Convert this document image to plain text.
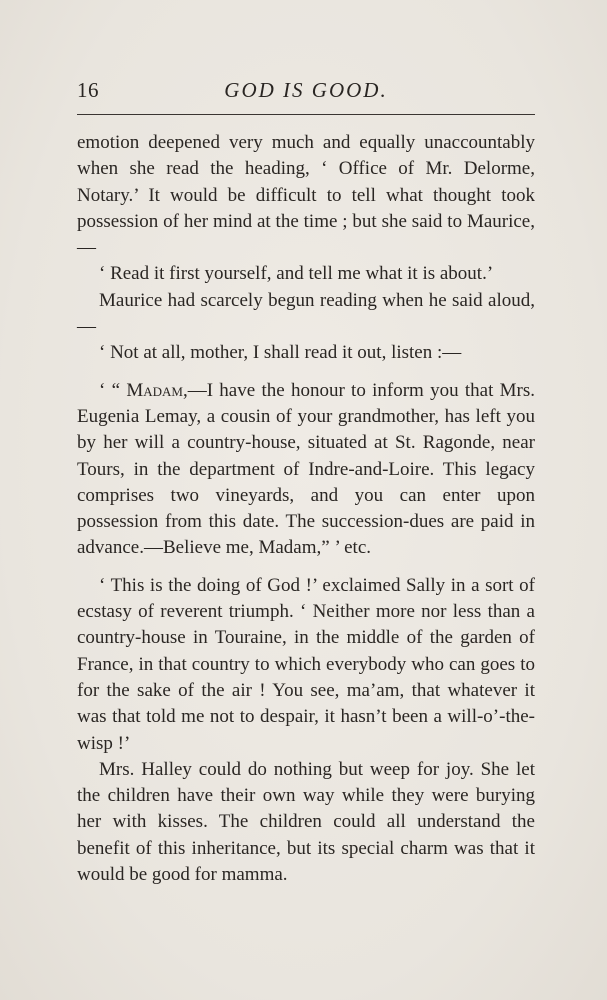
16	GOD IS GOOD.

emotion deepened very much and equally unaccountably when she read the heading, ‘ Office of Mr. Delorme, Notary.’ It would be difficult to tell what thought took possession of her mind at the time ; but she said to Maurice,—

‘ Read it first yourself, and tell me what it is about.’

Maurice had scarcely begun reading when he said aloud,—

‘ Not at all, mother, I shall read it out, listen :—

‘ “ Madam,—I have the honour to inform you that Mrs. Eugenia Lemay, a cousin of your grandmother, has left you by her will a country-house, situated at St. Ragonde, near Tours, in the department of Indre-and-Loire. This legacy comprises two vineyards, and you can enter upon possession from this date. The succession-dues are paid in advance.—Believe me, Madam,” ’ etc.

‘ This is the doing of God !’ exclaimed Sally in a sort of ecstasy of reverent triumph. ‘ Neither more nor less than a country-house in Touraine, in the middle of the garden of France, in that country to which everybody who can goes to for the sake of the air ! You see, ma’am, that whatever it was that told me not to despair, it hasn’t been a will-o’-the-wisp !’

Mrs. Halley could do nothing but weep for joy. She let the children have their own way while they were burying her with kisses. The children could all understand the benefit of this inheritance, but its special charm was that it would be good for mamma.
